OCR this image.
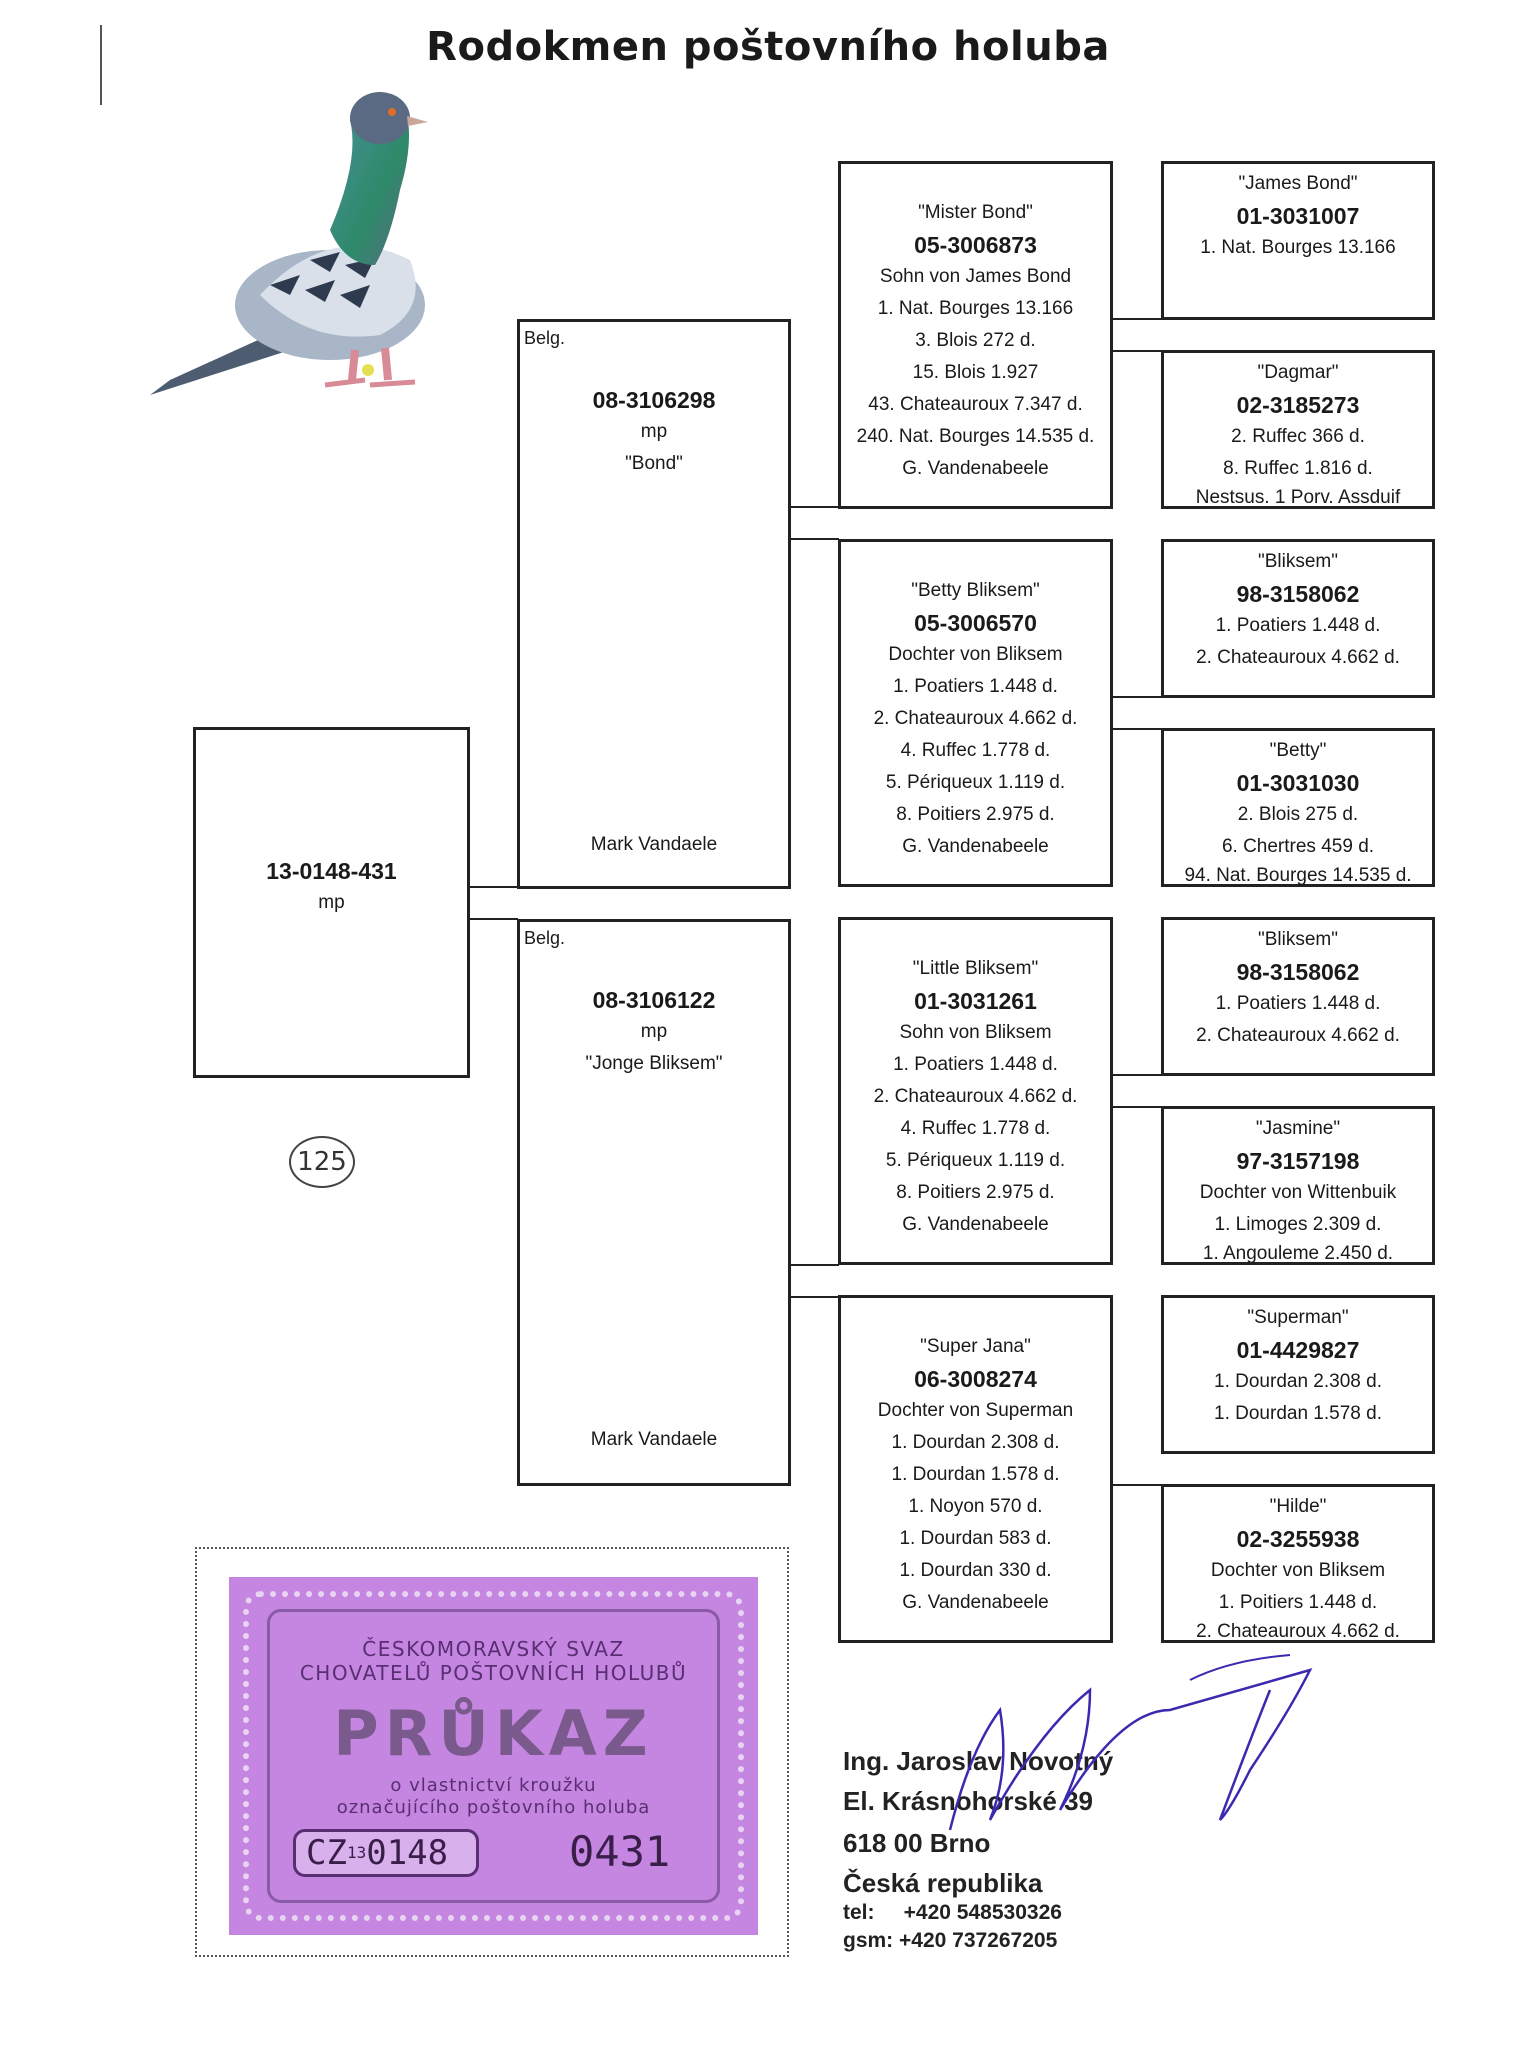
Rodokmen poštovního holuba
13-0148-431
mp
125
Belg.
08-3106298
mp
"Bond"
Mark Vandaele
Belg.
08-3106122
mp
"Jonge Bliksem"
Mark Vandaele
"Mister Bond"
05-3006873
Sohn von James Bond
1. Nat. Bourges 13.166
3. Blois 272 d.
15. Blois 1.927
43. Chateauroux 7.347 d.
240. Nat. Bourges 14.535 d.
G. Vandenabeele
"Betty Bliksem"
05-3006570
Dochter von Bliksem
1. Poatiers 1.448 d.
2. Chateauroux 4.662 d.
4. Ruffec 1.778 d.
5. Périqueux 1.119 d.
8. Poitiers 2.975 d.
G. Vandenabeele
"Little Bliksem"
01-3031261
Sohn von Bliksem
1. Poatiers 1.448 d.
2. Chateauroux 4.662 d.
4. Ruffec 1.778 d.
5. Périqueux 1.119 d.
8. Poitiers 2.975 d.
G. Vandenabeele
"Super Jana"
06-3008274
Dochter von Superman
1. Dourdan 2.308 d.
1. Dourdan 1.578 d.
1. Noyon 570 d.
1. Dourdan 583 d.
1. Dourdan 330 d.
G. Vandenabeele
"James Bond"
01-3031007
1. Nat. Bourges 13.166
"Dagmar"
02-3185273
2. Ruffec 366 d.
8. Ruffec 1.816 d.
Nestsus. 1 Porv. Assduif
"Bliksem"
98-3158062
1. Poatiers 1.448 d.
2. Chateauroux 4.662 d.
"Betty"
01-3031030
2. Blois 275 d.
6. Chertres 459 d.
94. Nat. Bourges 14.535 d.
"Bliksem"
98-3158062
1. Poatiers 1.448 d.
2. Chateauroux 4.662 d.
"Jasmine"
97-3157198
Dochter von Wittenbuik
1. Limoges 2.309 d.
1. Angouleme 2.450 d.
"Superman"
01-4429827
1. Dourdan 2.308 d.
1. Dourdan 1.578 d.
"Hilde"
02-3255938
Dochter von Bliksem
1. Poitiers 1.448 d.
2. Chateauroux 4.662 d.
ČESKOMORAVSKÝ SVAZ
CHOVATELŮ POŠTOVNÍCH HOLUBŮ
PRŮKAZ
o vlastnictví kroužku
označujícího poštovního holuba
CZ$^{13}$0148	0431
Ing. Jaroslav Novotný
El. Krásnohorské 39
618 00 Brno
Česká republika
tel:     +420 548530326
gsm: +420 737267205
